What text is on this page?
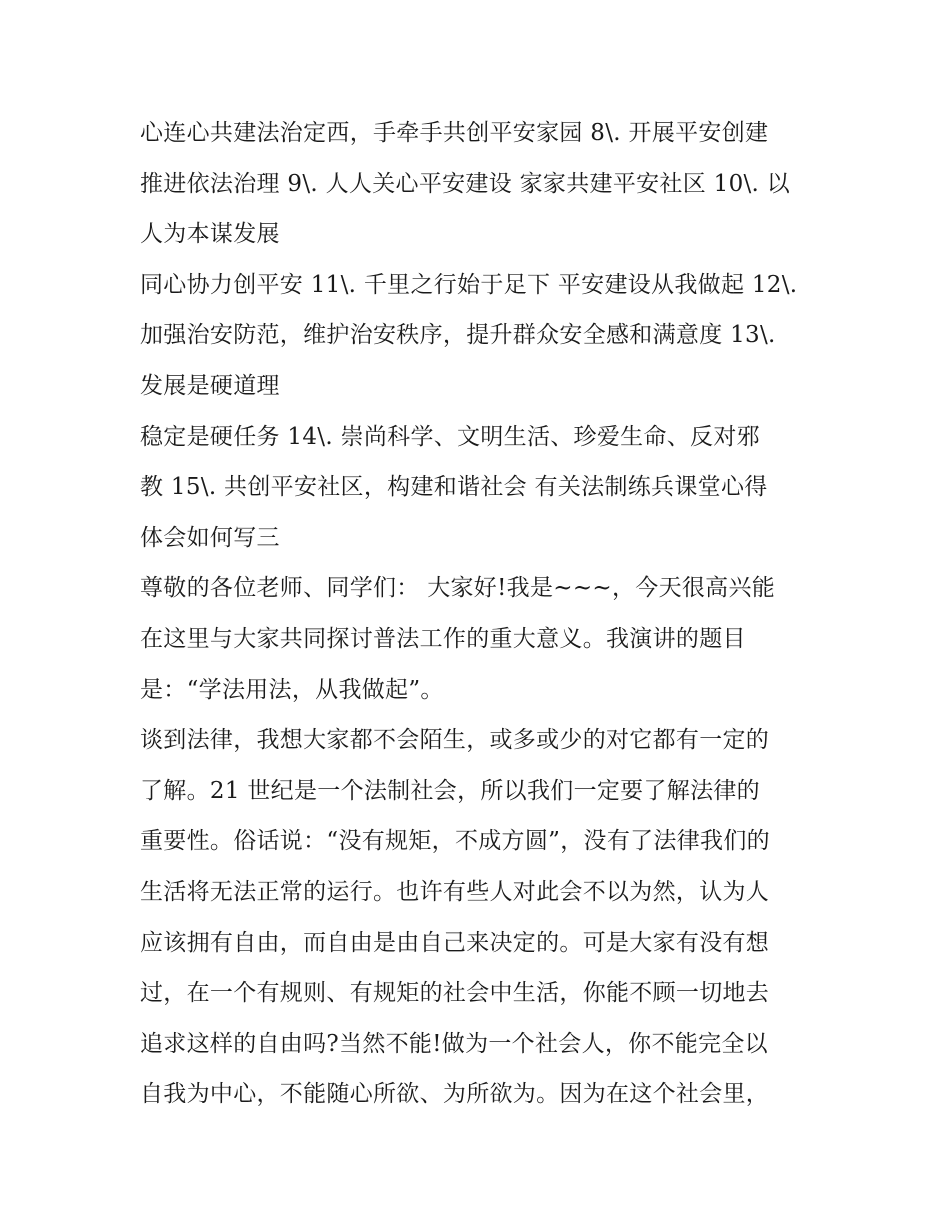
心连心共建法治定西，手牵手共创平安家园 8\. 开展平安创建
推进依法治理 9\. 人人关心平安建设 家家共建平安社区 10\. 以
人为本谋发展
同心协力创平安 11\. 千里之行始于足下 平安建设从我做起 12\.
加强治安防范，维护治安秩序，提升群众安全感和满意度 13\.
发展是硬道理
稳定是硬任务 14\. 崇尚科学、文明生活、珍爱生命、反对邪
教 15\. 共创平安社区，构建和谐社会 有关法制练兵课堂心得
体会如何写三
尊敬的各位老师、同学们： 大家好!我是~~~，今天很高兴能
在这里与大家共同探讨普法工作的重大意义。我演讲的题目
是：“学法用法，从我做起”。
谈到法律，我想大家都不会陌生，或多或少的对它都有一定的
了解。21 世纪是一个法制社会，所以我们一定要了解法律的
重要性。俗话说：“没有规矩，不成方圆”，没有了法律我们的
生活将无法正常的运行。也许有些人对此会不以为然，认为人
应该拥有自由，而自由是由自己来决定的。可是大家有没有想
过，在一个有规则、有规矩的社会中生活，你能不顾一切地去
追求这样的自由吗?当然不能!做为一个社会人，你不能完全以
自我为中心，不能随心所欲、为所欲为。因为在这个社会里，
